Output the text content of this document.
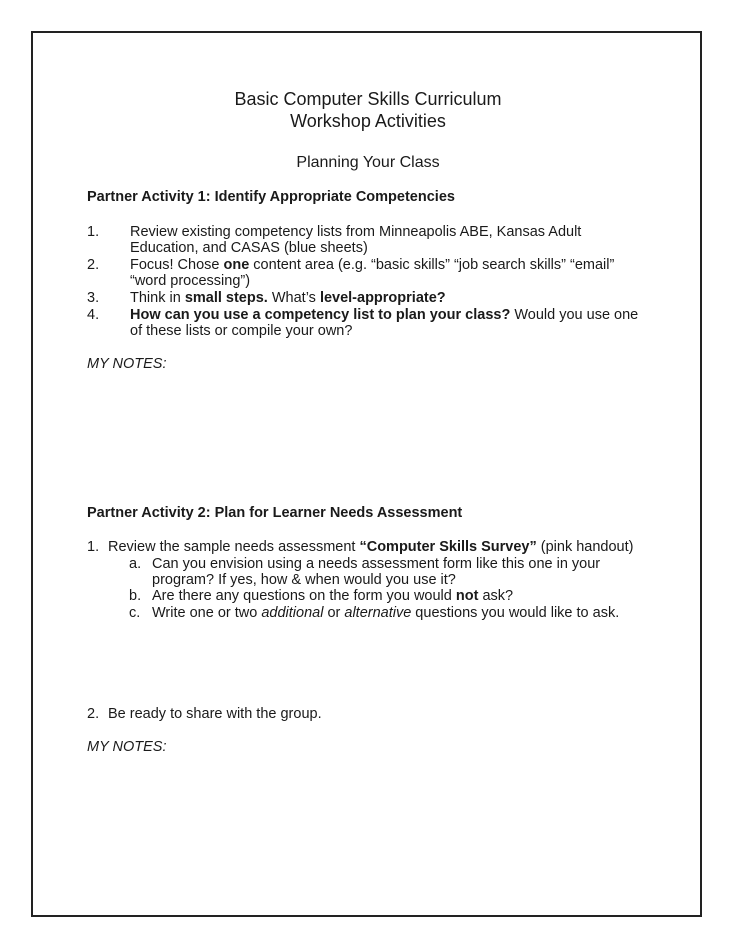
Basic Computer Skills Curriculum
Workshop Activities
Planning Your Class
Partner Activity 1: Identify Appropriate Competencies
1. Review existing competency lists from Minneapolis ABE, Kansas Adult
Education, and CASAS (blue sheets)
2. Focus! Chose one content area (e.g. “basic skills” “job search skills” “email”
“word processing”)
3. Think in small steps. What’s level-appropriate?
4. How can you use a competency list to plan your class? Would you use one
of these lists or compile your own?
MY NOTES:
Partner Activity 2: Plan for Learner Needs Assessment
1. Review the sample needs assessment “Computer Skills Survey” (pink handout)
a. Can you envision using a needs assessment form like this one in your
program? If yes, how & when would you use it?
b. Are there any questions on the form you would not ask?
c. Write one or two additional or alternative questions you would like to ask.
2. Be ready to share with the group.
MY NOTES:
